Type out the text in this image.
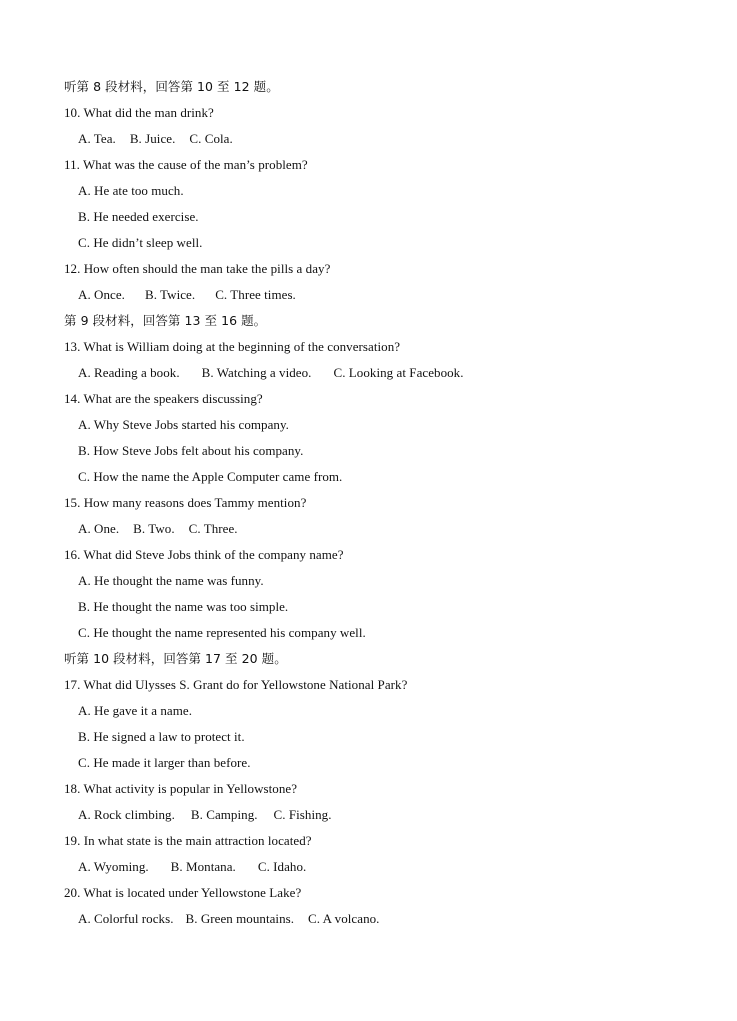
听第 8 段材料，回答第 10 至 12 题。
10. What did the man drink?
A. Tea. B. Juice. C. Cola.
11. What was the cause of the man’s problem?
A. He ate too much.
B. He needed exercise.
C. He didn’t sleep well.
12. How often should the man take the pills a day?
A. Once. B. Twice. C. Three times.
第 9 段材料，回答第 13 至 16 题。
13. What is William doing at the beginning of the conversation?
A. Reading a book. B. Watching a video. C. Looking at Facebook.
14. What are the speakers discussing?
A. Why Steve Jobs started his company.
B. How Steve Jobs felt about his company.
C. How the name the Apple Computer came from.
15. How many reasons does Tammy mention?
A. One. B. Two. C. Three.
16. What did Steve Jobs think of the company name?
A. He thought the name was funny.
B. He thought the name was too simple.
C. He thought the name represented his company well.
听第 10 段材料，回答第 17 至 20 题。
17. What did Ulysses S. Grant do for Yellowstone National Park?
A. He gave it a name.
B. He signed a law to protect it.
C. He made it larger than before.
18. What activity is popular in Yellowstone?
A. Rock climbing. B. Camping. C. Fishing.
19. In what state is the main attraction located?
A. Wyoming. B. Montana. C. Idaho.
20. What is located under Yellowstone Lake?
A. Colorful rocks. B. Green mountains. C. A volcano.
